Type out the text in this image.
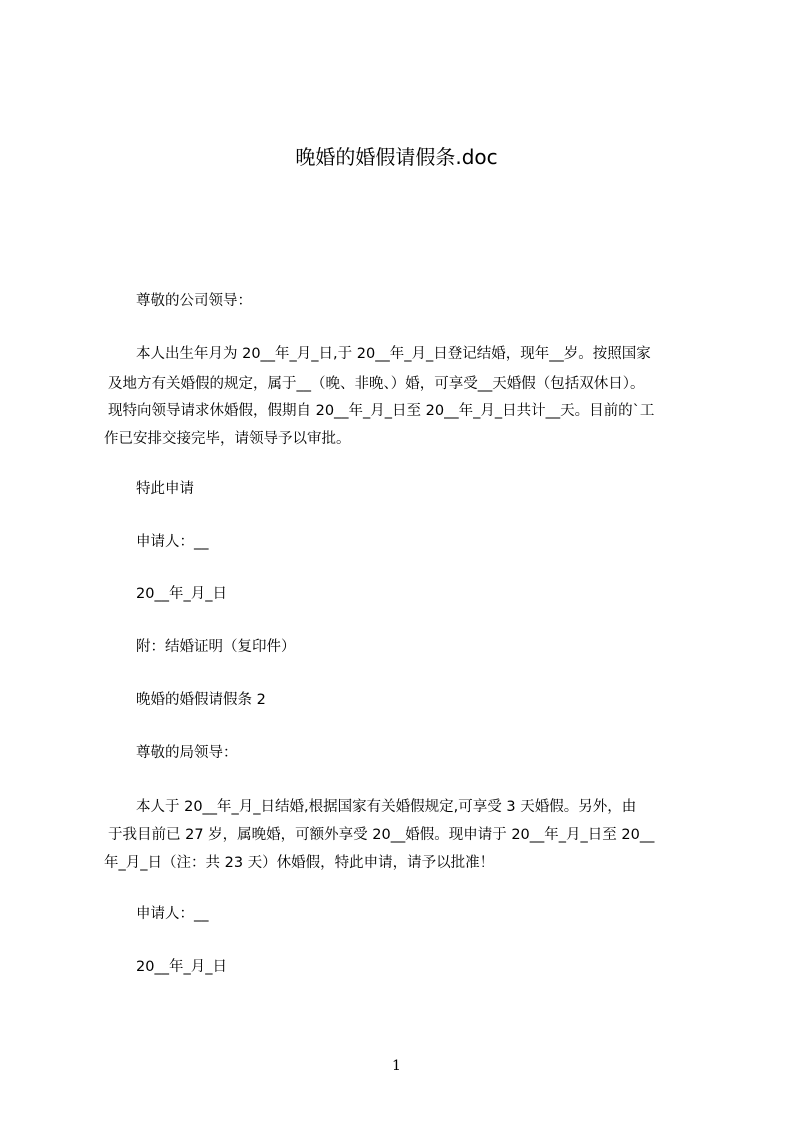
晚婚的婚假请假条.doc

尊敬的公司领导：

本人出生年月为 20__年_月_日,于 20__年_月_日登记结婚，现年__岁。按照国家

及地方有关婚假的规定，属于__（晚、非晚、）婚，可享受__天婚假（包括双休日）。

现特向领导请求休婚假，假期自 20__年_月_日至 20__年_月_日共计__天。目前的`工

作已安排交接完毕，请领导予以审批。

特此申请

申请人：__

20__年_月_日

附：结婚证明（复印件）

晚婚的婚假请假条 2

尊敬的局领导：

本人于 20__年_月_日结婚,根据国家有关婚假规定,可享受 3 天婚假。另外，由

于我目前已 27 岁，属晚婚，可额外享受 20__婚假。现申请于 20__年_月_日至 20__

年_月_日（注：共 23 天）休婚假，特此申请，请予以批准！

申请人：__

20__年_月_日

1
